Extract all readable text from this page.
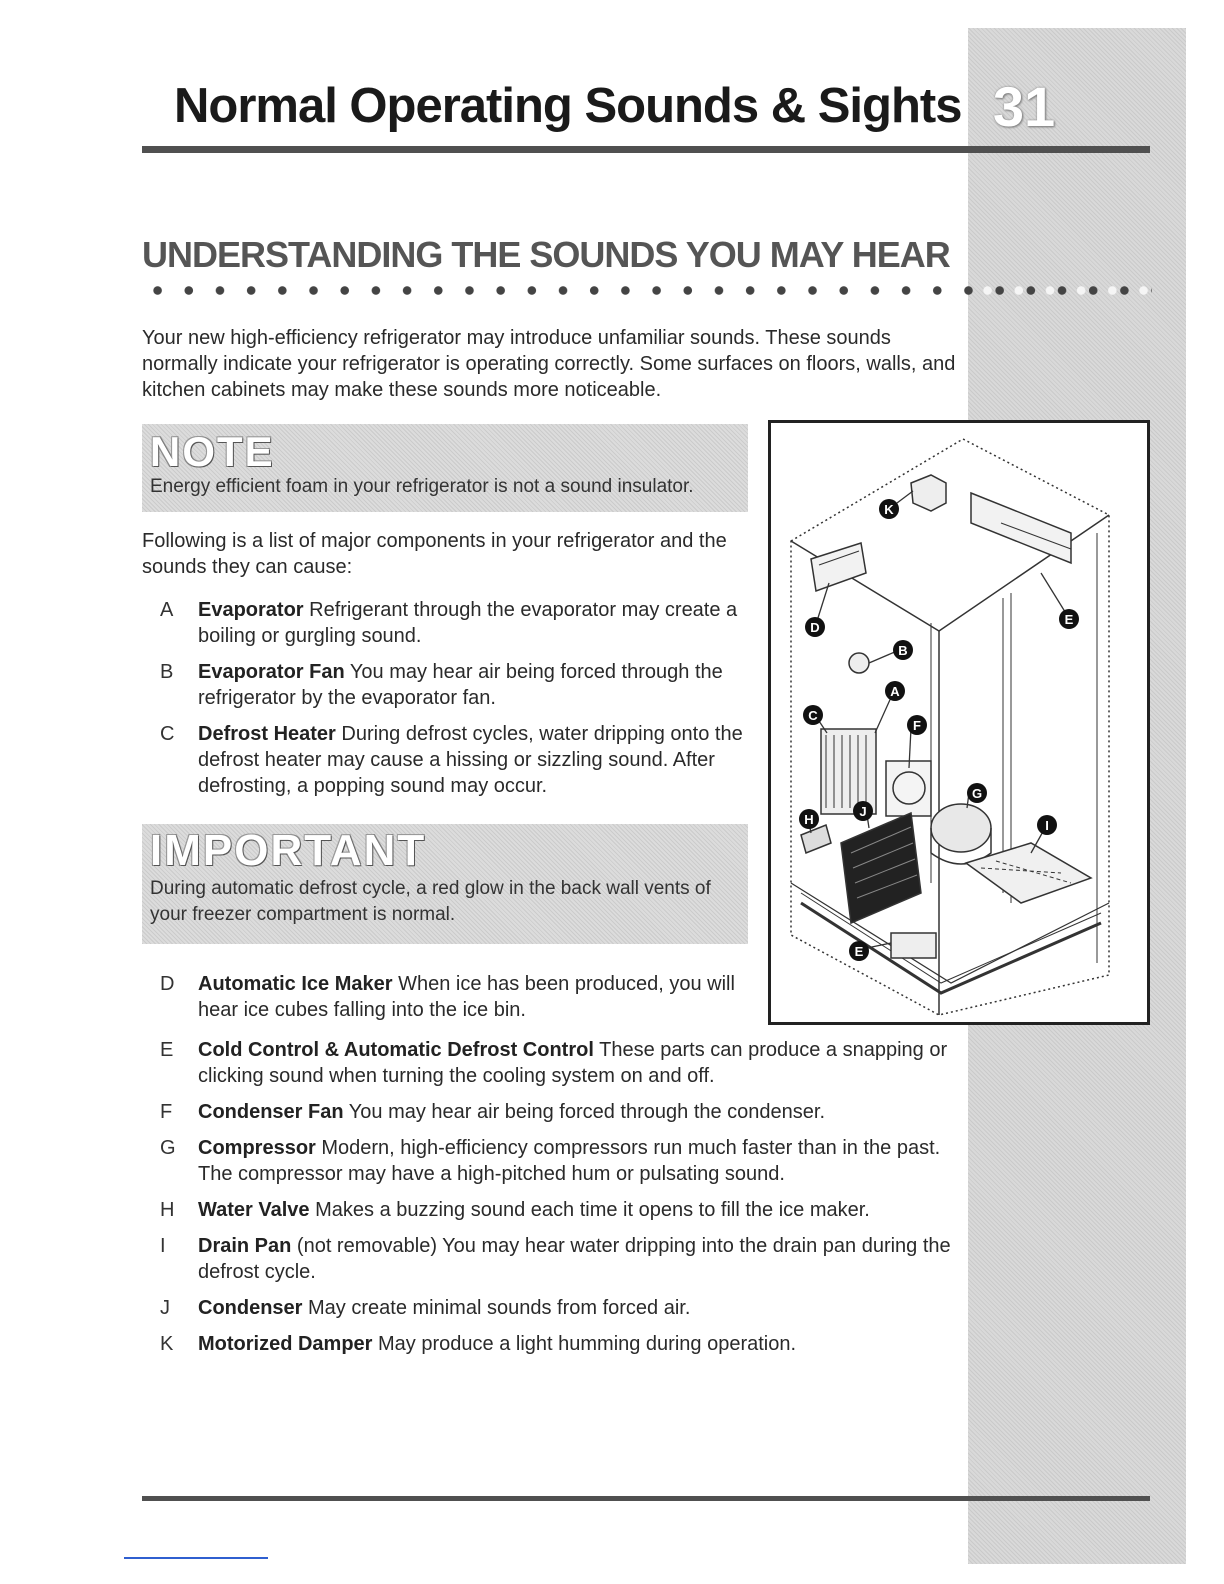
Normal Operating Sounds & Sights 31
UNDERSTANDING THE SOUNDS YOU MAY HEAR

Your new high-efficiency refrigerator may introduce unfamiliar sounds. These sounds normally indicate your refrigerator is operating correctly. Some surfaces on floors, walls, and kitchen cabinets may make these sounds more noticeable.

NOTE
Energy efficient foam in your refrigerator is not a sound insulator.

Following is a list of major components in your refrigerator and the sounds they can cause:

A	Evaporator Refrigerant through the evaporator may create a boiling or gurgling sound.
B	Evaporator Fan You may hear air being forced through the refrigerator by the evaporator fan.
C Defrost Heater During defrost cycles, water dripping onto the defrost heater may cause a hissing or sizzling sound. After defrosting, a popping sound may occur.
IMPORTANT
During automatic defrost cycle, a red glow in the back wall vents of your freezer compartment is normal.
D Automatic Ice Maker When ice has been produced, you will hear ice cubes falling into the ice bin.
E	Cold Control & Automatic Defrost Control These parts can produce a snapping or clicking sound when turning the cooling system on and off.
F	Condenser Fan You may hear air being forced through the condenser.
G Compressor Modern, high-efficiency compressors run much faster than in the past. The compressor may have a high-pitched hum or pulsating sound.
H Water Valve Makes a buzzing sound each time it opens to fill the ice maker.
I	Drain Pan (not removable) You may hear water dripping into the drain pan during the defrost cycle.
J	Condenser May create minimal sounds from forced air.
K	Motorized Damper May produce a light humming during operation.
K
D
E
B
A
C
F
G
H
J
I
E
